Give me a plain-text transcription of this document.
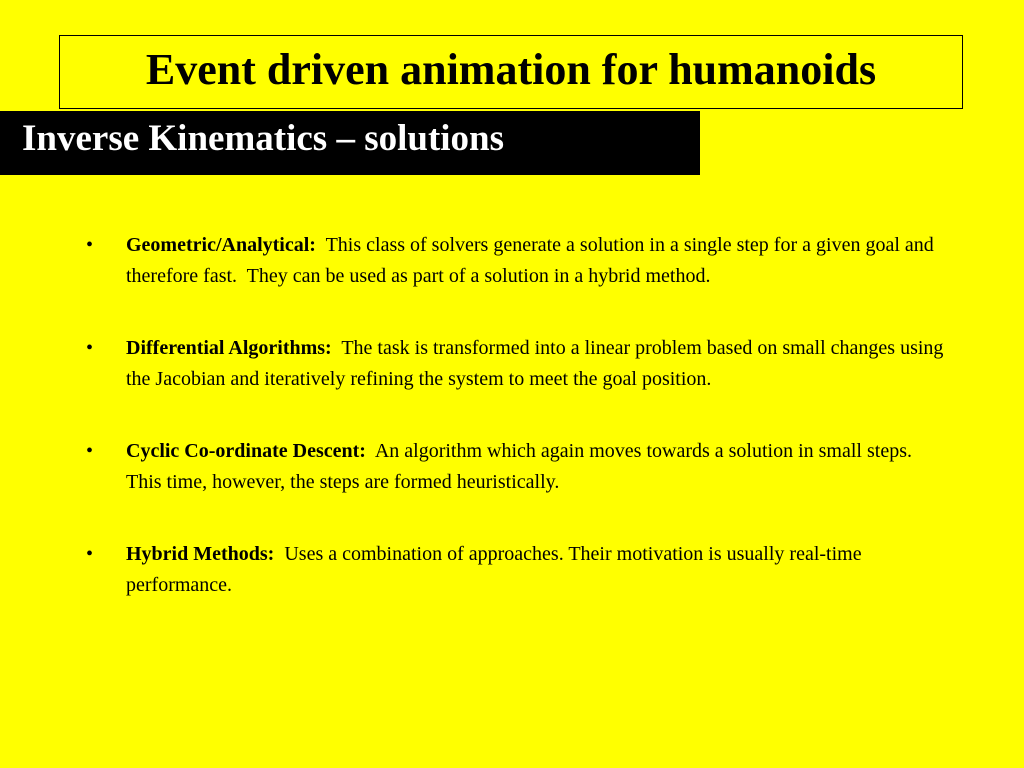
Event driven animation for humanoids
Inverse Kinematics – solutions
• Geometric/Analytical:  This class of solvers generate a solution in a single step for a given goal and therefore fast.  They can be used as part of a solution in a hybrid method.
• Differential Algorithms:  The task is transformed into a linear problem based on small changes using the Jacobian and iteratively refining the system to meet the goal position.
• Cyclic Co-ordinate Descent:  An algorithm which again moves towards a solution in small steps. This time, however, the steps are formed heuristically.
• Hybrid Methods:  Uses a combination of approaches. Their motivation is usually real-time performance.
